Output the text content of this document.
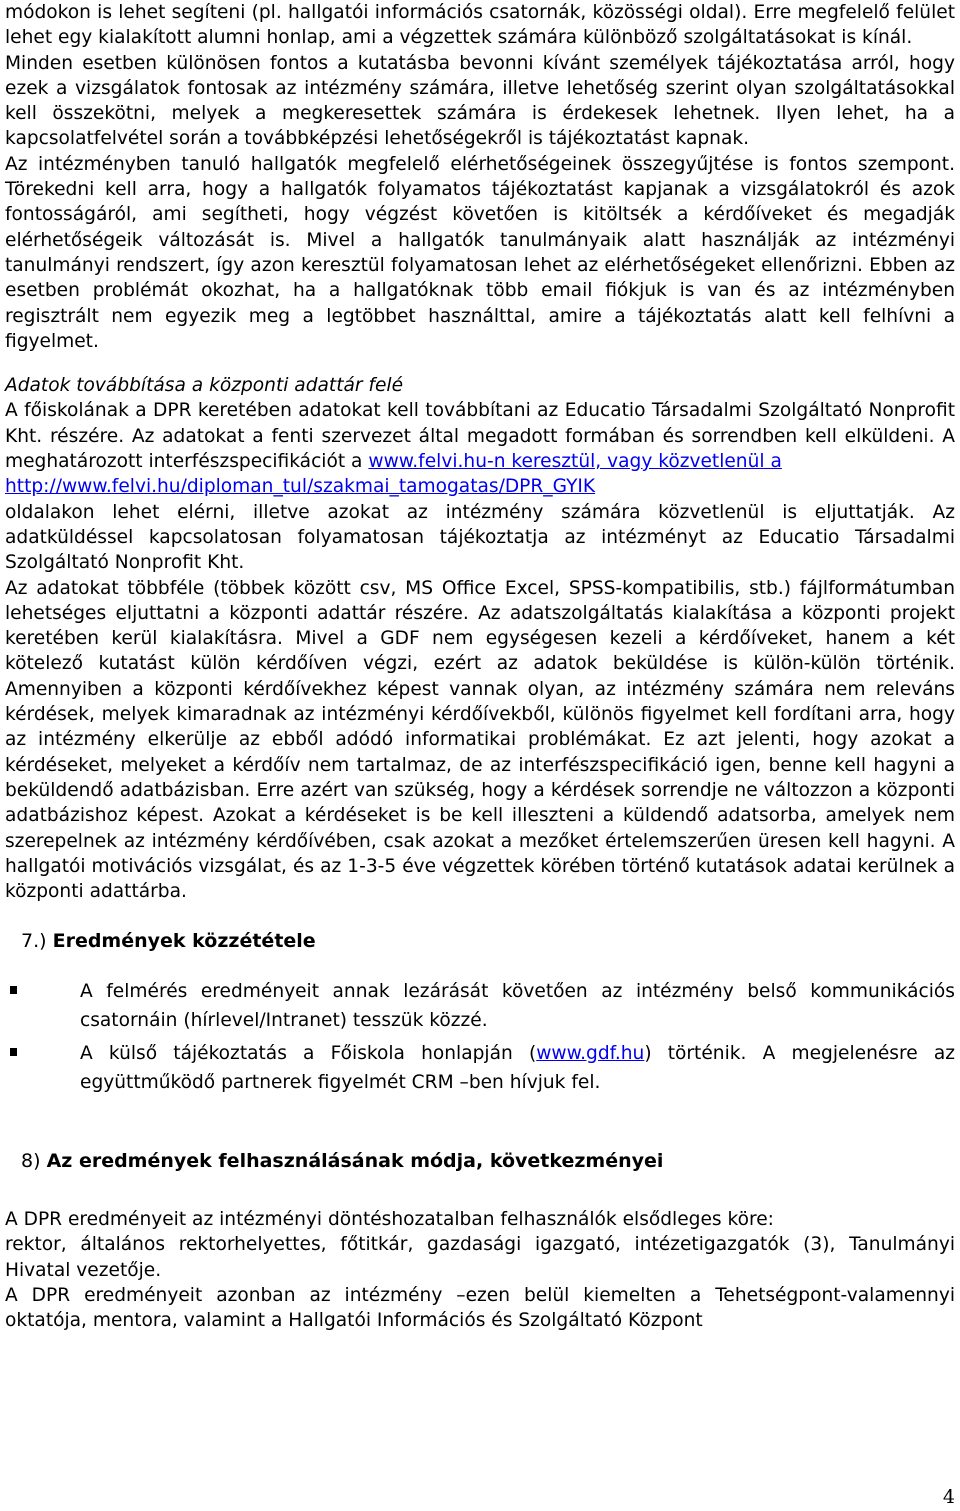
módokon is lehet segíteni (pl. hallgatói információs csatornák, közösségi oldal). Erre megfelelő felület lehet egy kialakított alumni honlap, ami a végzettek számára különböző szolgáltatásokat is kínál.

Minden esetben különösen fontos a kutatásba bevonni kívánt személyek tájékoztatása arról, hogy ezek a vizsgálatok fontosak az intézmény számára, illetve lehetőség szerint olyan szolgáltatásokkal kell összekötni, melyek a megkeresettek számára is érdekesek lehetnek. Ilyen lehet, ha a kapcsolatfelvétel során a továbbképzési lehetőségekről is tájékoztatást kapnak.

Az intézményben tanuló hallgatók megfelelő elérhetőségeinek összegyűjtése is fontos szempont. Törekedni kell arra, hogy a hallgatók folyamatos tájékoztatást kapjanak a vizsgálatokról és azok fontosságáról, ami segítheti, hogy végzést követően is kitöltsék a kérdőíveket és megadják elérhetőségeik változását is. Mivel a hallgatók tanulmányaik alatt használják az intézményi tanulmányi rendszert, így azon keresztül folyamatosan lehet az elérhetőségeket ellenőrizni. Ebben az esetben problémát okozhat, ha a hallgatóknak több email fiókjuk is van és az intézményben regisztrált nem egyezik meg a legtöbbet használttal, amire a tájékoztatás alatt kell felhívni a figyelmet.

Adatok továbbítása a központi adattár felé

A főiskolának a DPR keretében adatokat kell továbbítani az Educatio Társadalmi Szolgáltató Nonprofit Kht. részére. Az adatokat a fenti szervezet által megadott formában és sorrendben kell elküldeni. A meghatározott interfészspecifikációt a www.felvi.hu-n keresztül, vagy közvetlenül a
http://www.felvi.hu/diploman_tul/szakmai_tamogatas/DPR_GYIK
oldalakon lehet elérni, illetve azokat az intézmény számára közvetlenül is eljuttatják. Az adatküldéssel kapcsolatosan folyamatosan tájékoztatja az intézményt az Educatio Társadalmi Szolgáltató Nonprofit Kht.

Az adatokat többféle (többek között csv, MS Office Excel, SPSS-kompatibilis, stb.) fájlformátumban lehetséges eljuttatni a központi adattár részére. Az adatszolgáltatás kialakítása a központi projekt keretében kerül kialakításra. Mivel a GDF nem egységesen kezeli a kérdőíveket, hanem a két kötelező kutatást külön kérdőíven végzi, ezért az adatok beküldése is külön-külön történik. Amennyiben a központi kérdőívekhez képest vannak olyan, az intézmény számára nem releváns kérdések, melyek kimaradnak az intézményi kérdőívekből, különös figyelmet kell fordítani arra, hogy az intézmény elkerülje az ebből adódó informatikai problémákat. Ez azt jelenti, hogy azokat a kérdéseket, melyeket a kérdőív nem tartalmaz, de az interfészspecifikáció igen, benne kell hagyni a beküldendő adatbázisban. Erre azért van szükség, hogy a kérdések sorrendje ne változzon a központi adatbázishoz képest. Azokat a kérdéseket is be kell illeszteni a küldendő adatsorba, amelyek nem szerepelnek az intézmény kérdőívében, csak azokat a mezőket értelemszerűen üresen kell hagyni. A hallgatói motivációs vizsgálat, és az 1-3-5 éve végzettek körében történő kutatások adatai kerülnek a központi adattárba.

7.) Eredmények közzététele

A felmérés eredményeit annak lezárását követően az intézmény belső kommunikációs csatornáin (hírlevel/Intranet) tesszük közzé.

A külső tájékoztatás a Főiskola honlapján (www.gdf.hu) történik. A megjelenésre az együttműködő partnerek figyelmét CRM –ben hívjuk fel.

8) Az eredmények felhasználásának módja, következményei

A DPR eredményeit az intézményi döntéshozatalban felhasználók elsődleges köre:

rektor, általános rektorhelyettes, főtitkár, gazdasági igazgató, intézetigazgatók (3), Tanulmányi Hivatal vezetője.

A DPR eredményeit azonban az intézmény –ezen belül kiemelten a Tehetségpont-valamennyi oktatója, mentora, valamint a Hallgatói Információs és Szolgáltató Központ

4
